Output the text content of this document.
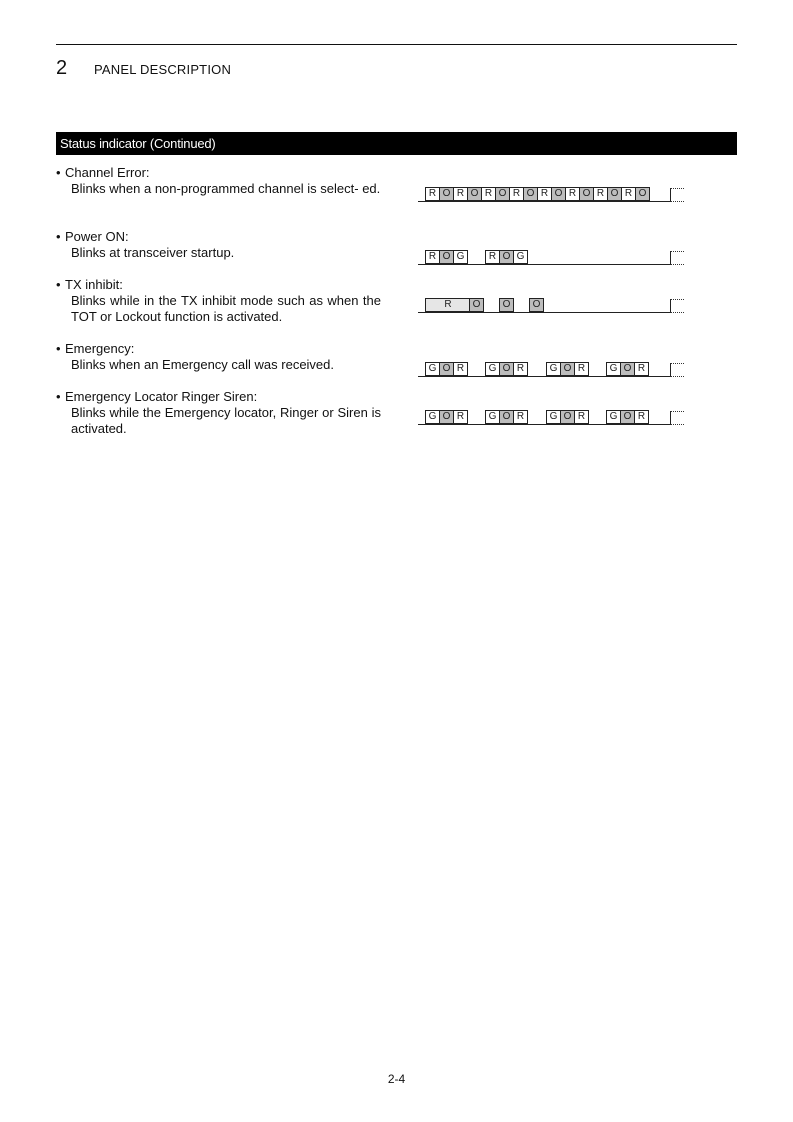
2 PANEL DESCRIPTION
Status indicator (Continued)

• Channel Error:

Blinks when a non-programmed channel is select- ed.	R O R O R O R O R O R O R O R O

• Power ON:

Blinks at transceiver startup.	R O G	R O G

• TX inhibit:

Blinks while in the TX inhibit mode such as when the TOT or Lockout function is activated.

R	O	O	O

• Emergency:

Blinks when an Emergency call was received.	G O R	G O R	G O R	G O R

• Emergency Locator Ringer Siren:

Blinks while the Emergency locator, Ringer or Siren is activated.

G O R	G O R	G O R	G O R
2-4
